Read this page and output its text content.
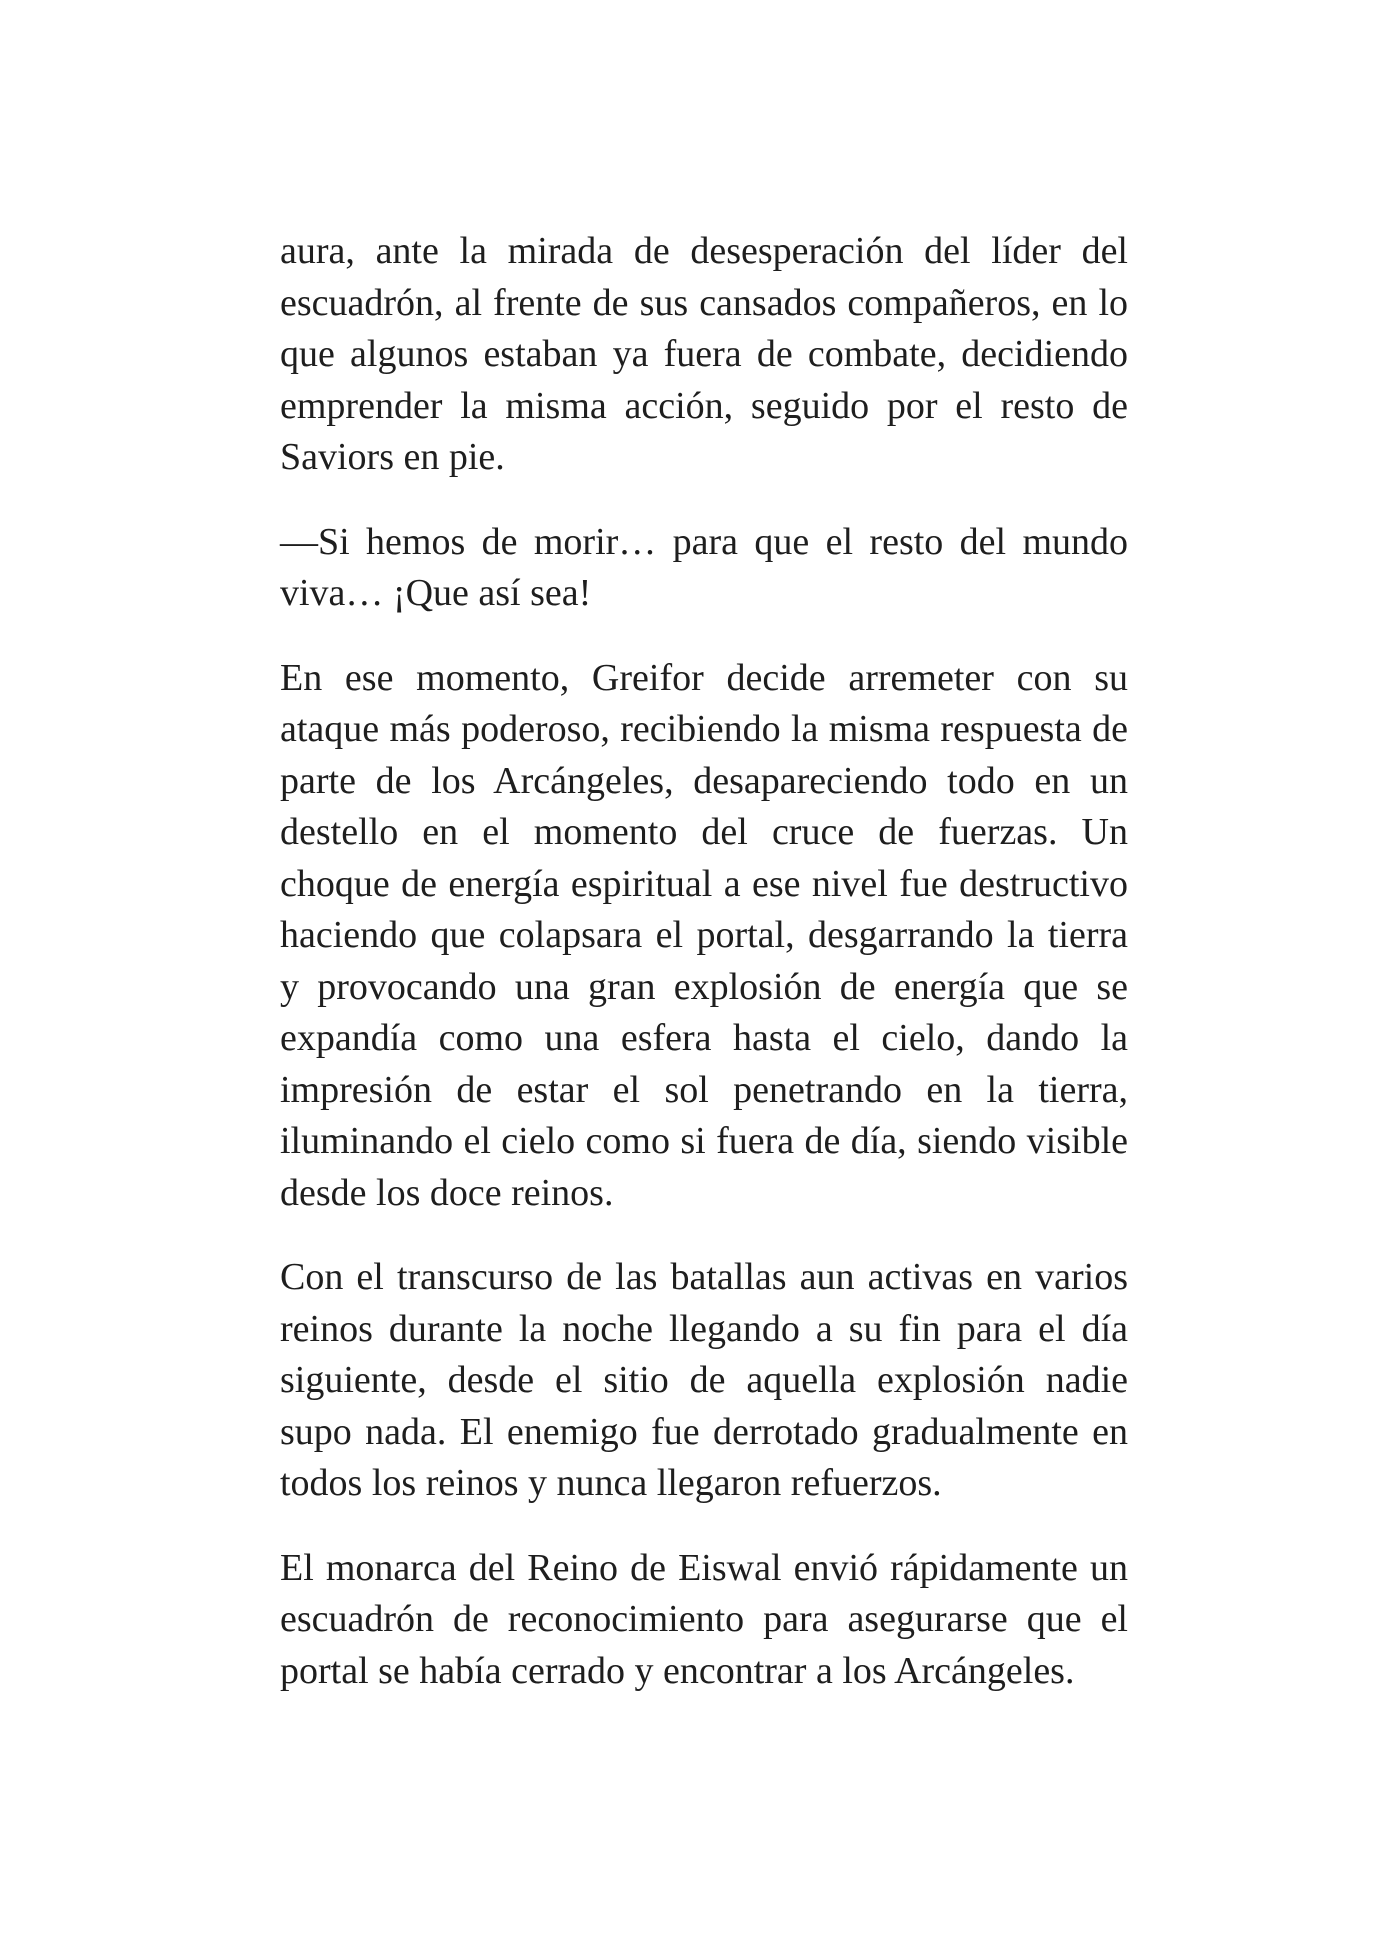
aura, ante la mirada de desesperación del líder del escuadrón, al frente de sus cansados compañeros, en lo que algunos estaban ya fuera de combate, decidiendo emprender la misma acción, seguido por el resto de Saviors en pie.

—Si hemos de morir… para que el resto del mundo viva… ¡Que así sea!

En ese momento, Greifor decide arremeter con su ataque más poderoso, recibiendo la misma respuesta de parte de los Arcángeles, desapareciendo todo en un destello en el momento del cruce de fuerzas. Un choque de energía espiritual a ese nivel fue destructivo haciendo que colapsara el portal, desgarrando la tierra y provocando una gran explosión de energía que se expandía como una esfera hasta el cielo, dando la impresión de estar el sol penetrando en la tierra, iluminando el cielo como si fuera de día, siendo visible desde los doce reinos.

Con el transcurso de las batallas aun activas en varios reinos durante la noche llegando a su fin para el día siguiente, desde el sitio de aquella explosión nadie supo nada. El enemigo fue derrotado gradualmente en todos los reinos y nunca llegaron refuerzos.

El monarca del Reino de Eiswal envió rápidamente un escuadrón de reconocimiento para asegurarse que el portal se había cerrado y encontrar a los Arcángeles.
